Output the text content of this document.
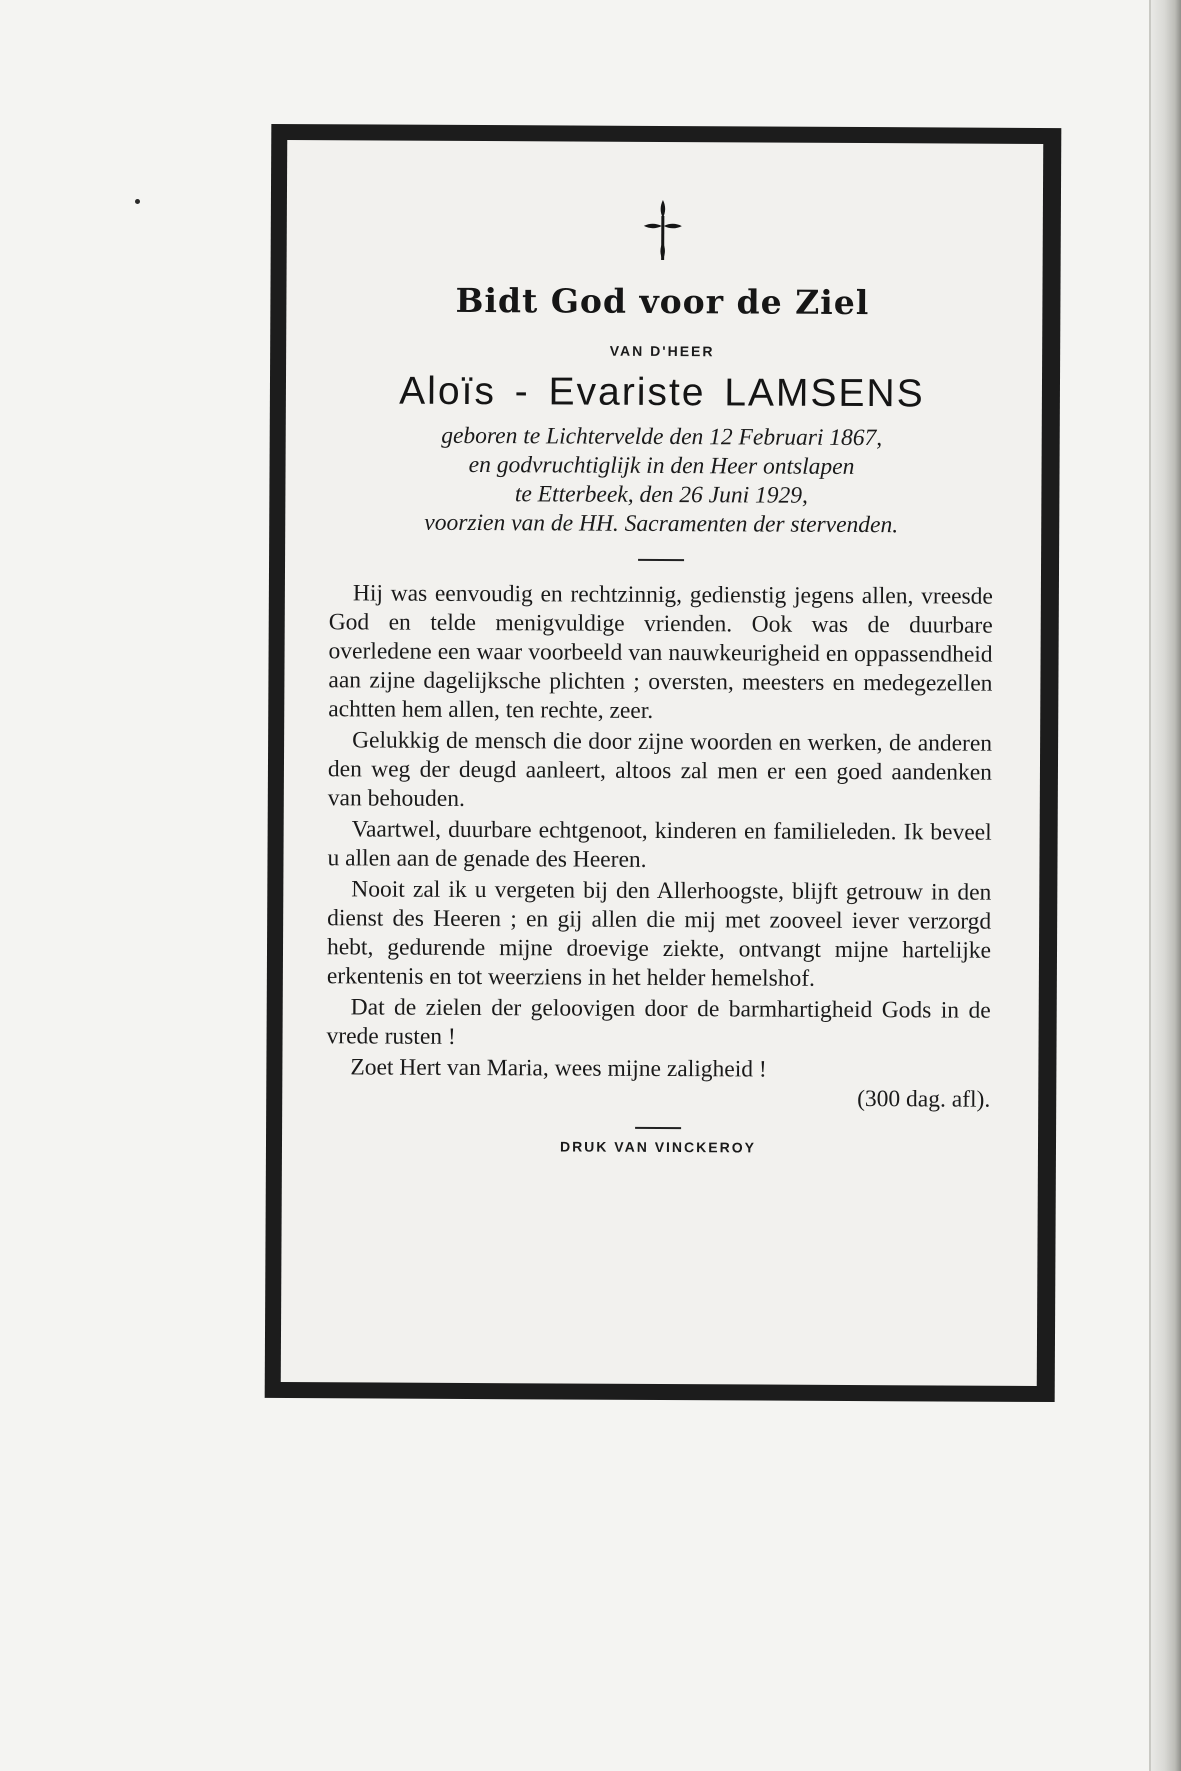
Bidt God voor de Ziel
VAN D'HEER
Aloïs - Evariste LAMSENS
geboren te Lichtervelde den 12 Februari 1867,
en godvruchtiglijk in den Heer ontslapen
te Etterbeek, den 26 Juni 1929,
voorzien van de HH. Sacramenten der stervenden.

Hij was eenvoudig en rechtzinnig, gedienstig jegens allen, vreesde God en telde menigvuldige vrienden. Ook was de duurbare overledene een waar voorbeeld van nauwkeurigheid en oppassendheid aan zijne dagelijksche plichten ; oversten, meesters en medegezellen achtten hem allen, ten rechte, zeer.

Gelukkig de mensch die door zijne woorden en werken, de anderen den weg der deugd aanleert, altoos zal men er een goed aandenken van behouden.

Vaartwel, duurbare echtgenoot, kinderen en familieleden. Ik beveel u allen aan de genade des Heeren.

Nooit zal ik u vergeten bij den Allerhoogste, blijft getrouw in den dienst des Heeren ; en gij allen die mij met zooveel iever verzorgd hebt, gedurende mijne droevige ziekte, ontvangt mijne hartelijke erkentenis en tot weerziens in het helder hemelshof.

Dat de zielen der geloovigen door de barmhartigheid Gods in de vrede rusten !

Zoet Hert van Maria, wees mijne zaligheid !

(300 dag. afl).

DRUK VAN VINCKEROY
